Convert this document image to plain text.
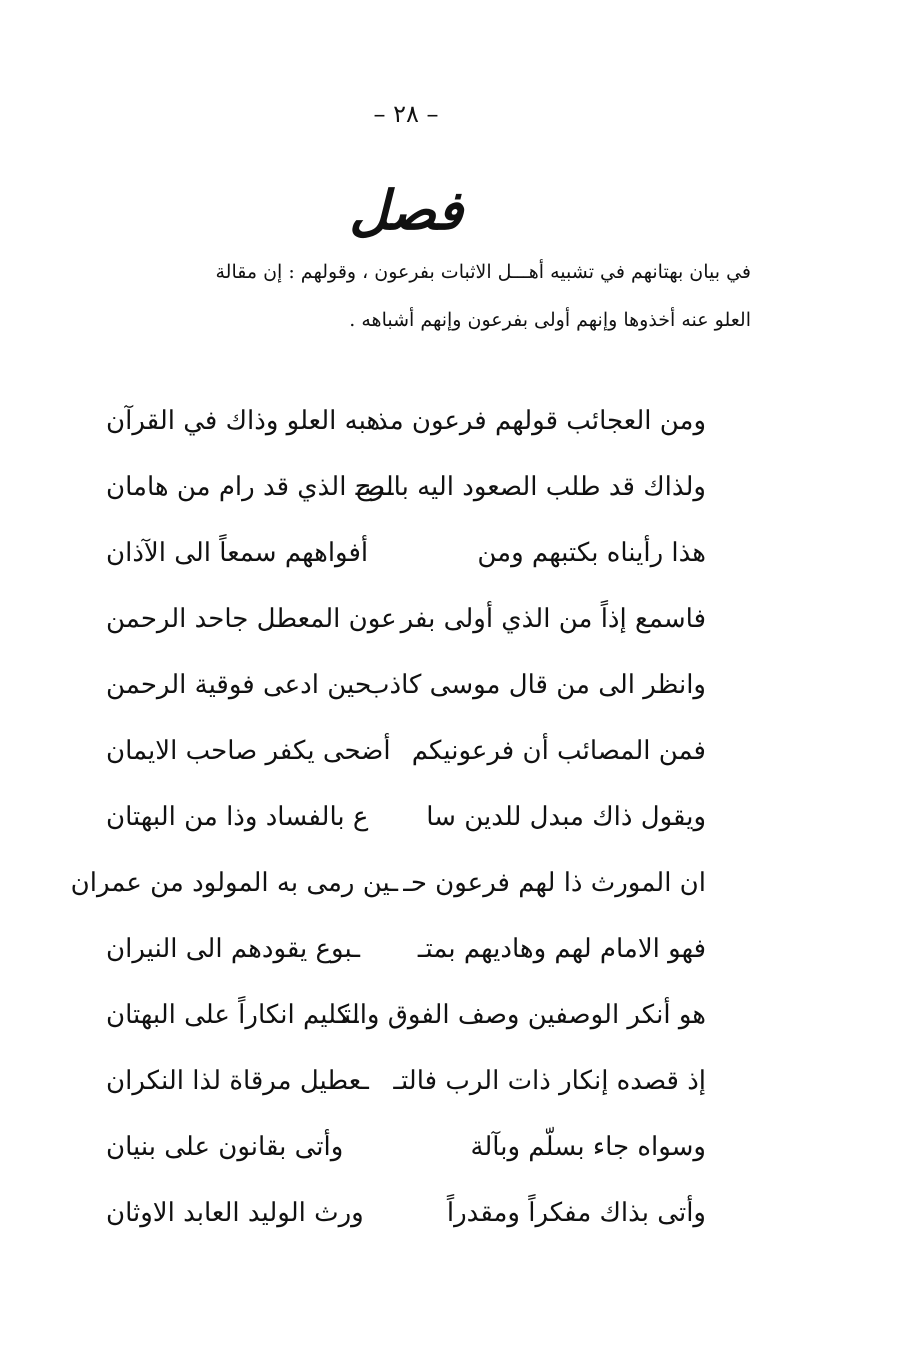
– ٢٨ –
فصل
في بيان بهتانهم في تشبيه أهـــل الاثبات بفرعون ، وقولهم : إن مقالة
العلو عنه أخذوها وإنهم أولى بفرعون وإنهم أشباهه .
ومن العجائب قولهم فرعون مذ
هبه العلو وذاك في القرآن
ولذاك قد طلب الصعود اليه بالصـ
ـرح الذي قد رام من هامان
هذا رأيناه بكتبهم ومن
أفواههم سمعاً الى الآذان
فاسمع إذاً من الذي أولى بفر
عون المعطل جاحد الرحمن
وانظر الى من قال موسى كاذب
حين ادعى فوقية الرحمن
فمن المصائب أن فرعونيكم
أضحى يكفر صاحب الايمان
ويقول ذاك مبدل للدين سا
ع بالفساد وذا من البهتان
ان المورث ذا لهم فرعون حـ
ـين رمى به المولود من عمران
فهو الامام لهم وهاديهم بمتـ
ـبوع يقودهم الى النيران
هو أنكر الوصفين وصف الفوق والتـ
ـكليم انكاراً على البهتان
إذ قصده إنكار ذات الرب فالتـ
ـعطيل مرقاة لذا النكران
وسواه جاء بسلّم وبآلة
وأتى بقانون على بنيان
وأتى بذاك مفكراً ومقدراً
ورث الوليد العابد الاوثان
